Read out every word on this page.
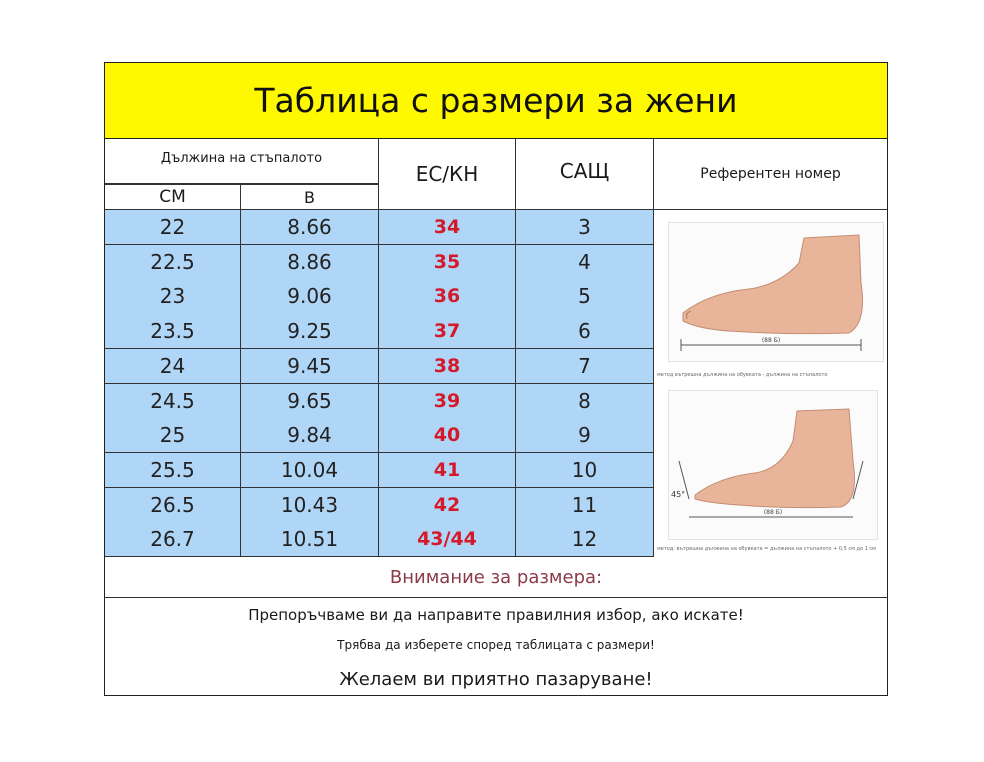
Таблица с размери за жени
Дължина на стъпалото
СМ	В
ЕС/КН	САЩ	Референтен номер
22	8.66	34	3
22.5	8.86	35	4
23	9.06	36	5
23.5	9.25	37	6
24	9.45	38	7
24.5	9.65	39	8
25	9.84	40	9
25.5	10.04	41	10
26.5	10.43	42	11
26.7	10.51	43/44	12
(88 Б)
метод вътрешна дължина на обувката - дължина на стъпалото
45°
(88 Б)
метод: вътрешна дължина на обувката = дължина на стъпалото + 0,5 см до 1 см
Внимание за размера:
Препоръчваме ви да направите правилния избор, ако искате!
Трябва да изберете според таблицата с размери!
Желаем ви приятно пазаруване!
